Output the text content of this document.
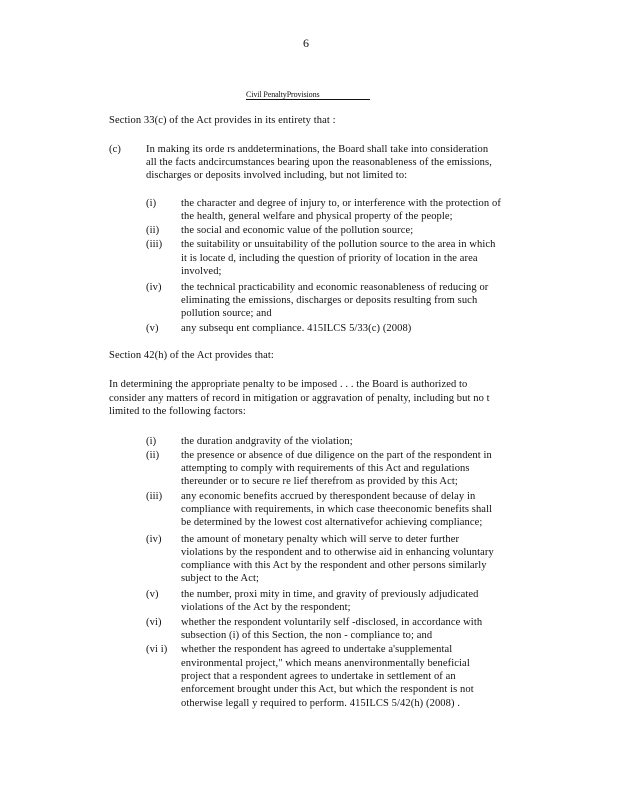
6
Civil PenaltyProvisions
Section 33(c) of the Act provides in its entirety that :
(c) In making its orde rs anddeterminations, the Board shall take into consideration
all the facts andcircumstances bearing upon the reasonableness of the emissions,
discharges or deposits involved including, but not limited to:
(i) the character and degree of injury to, or interference with the protection of
the health, general welfare and physical property of the people;
(ii) the social and economic value of the pollution source;
(iii) the suitability or unsuitability of the pollution source to the area in which
it is locate d, including the question of priority of location in the area
involved;
(iv) the technical practicability and economic reasonableness of reducing or
eliminating the emissions, discharges or deposits resulting from such
pollution source; and
(v) any subsequ ent compliance. 415ILCS 5/33(c) (2008)
Section 42(h) of the Act provides that:
In determining the appropriate penalty to be imposed . . . the Board is authorized to
consider any matters of record in mitigation or aggravation of penalty, including but no t
limited to the following factors:
(i) the duration andgravity of the violation;
(ii) the presence or absence of due diligence on the part of the respondent in
attempting to comply with requirements of this Act and regulations
thereunder or to secure re lief therefrom as provided by this Act;
(iii) any economic benefits accrued by therespondent because of delay in
compliance with requirements, in which case theeconomic benefits shall
be determined by the lowest cost alternativefor achieving compliance;
(iv) the amount of monetary penalty which will serve to deter further
violations by the respondent and to otherwise aid in enhancing voluntary
compliance with this Act by the respondent and other persons similarly
subject to the Act;
(v) the number, proxi mity in time, and gravity of previously adjudicated
violations of the Act by the respondent;
(vi) whether the respondent voluntarily self -disclosed, in accordance with
subsection (i) of this Section, the non - compliance to; and
(vi i) whether the respondent has agreed to undertake a'supplemental
environmental project," which means anenvironmentally beneficial
project that a respondent agrees to undertake in settlement of an
enforcement brought under this Act, but which the respondent is not
otherwise legall y required to perform. 415ILCS 5/42(h) (2008) .
